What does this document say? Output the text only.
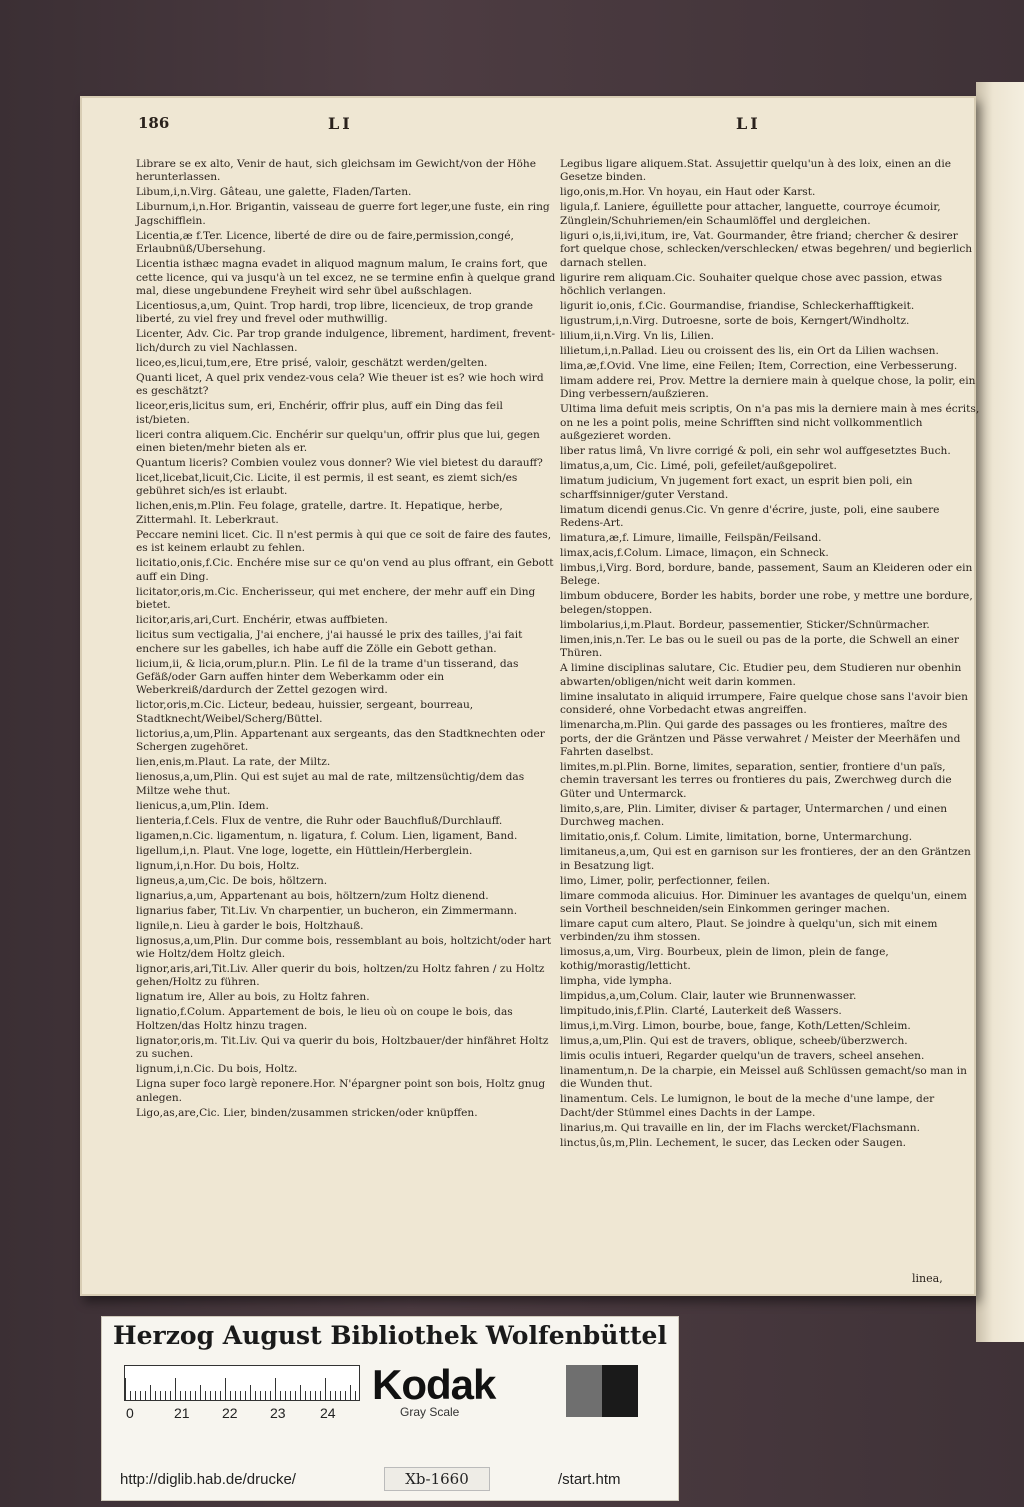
186	LI	LI
Librare se ex alto, Venir de haut, sich gleichsam im Gewicht/von der Höhe herunterlassen.
Libum,i,n.Virg. Gâteau, une galette, Fladen/Tarten.
Liburnum,i,n.Hor. Brigantin, vaisseau de guerre fort leger,une fuste, ein ring Jagschifflein.
Licentia,æ f.Ter. Licence, liberté de dire ou de faire,permission,congé, Erlaubnüß/Ubersehung.
Licentia isthæc magna evadet in aliquod magnum malum, Ie crains fort, que cette licence, qui va jusqu'à un tel excez, ne se termine enfin à quelque grand mal, diese ungebundene Freyheit wird sehr übel außschlagen.
Licentiosus,a,um, Quint. Trop hardi, trop libre, licencieux, de trop grande liberté, zu viel frey und frevel oder muthwillig.
Licenter, Adv. Cic. Par trop grande indulgence, librement, hardiment, frevent-lich/durch zu viel Nachlassen.
liceo,es,licui,tum,ere, Etre prisé, valoir, geschätzt werden/gelten.
Quanti licet, A quel prix vendez-vous cela? Wie theuer ist es? wie hoch wird es geschätzt?
liceor,eris,licitus sum, eri, Enchérir, offrir plus, auff ein Ding das feil ist/bieten.
liceri contra aliquem.Cic. Enchérir sur quelqu'un, offrir plus que lui, gegen einen bieten/mehr bieten als er.
Quantum liceris? Combien voulez vous donner? Wie viel bietest du darauff?
licet,licebat,licuit,Cic. Licite, il est permis, il est seant, es ziemt sich/es gebühret sich/es ist erlaubt.
lichen,enis,m.Plin. Feu folage, gratelle, dartre. It. Hepatique, herbe, Zittermahl. It. Leberkraut.
Peccare nemini licet. Cic. Il n'est permis à qui que ce soit de faire des fautes, es ist keinem erlaubt zu fehlen.
licitatio,onis,f.Cic. Enchére mise sur ce qu'on vend au plus offrant, ein Gebott auff ein Ding.
licitator,oris,m.Cic. Encherisseur, qui met enchere, der mehr auff ein Ding bietet.
licitor,aris,ari,Curt. Enchérir, etwas auffbieten.
licitus sum vectigalia, J'ai enchere, j'ai haussé le prix des tailles, j'ai fait enchere sur les gabelles, ich habe auff die Zölle ein Gebott gethan.
licium,ii, & licia,orum,plur.n. Plin. Le fil de la trame d'un tisserand, das Gefäß/oder Garn auffen hinter dem Weberkamm oder ein Weberkreiß/dardurch der Zettel gezogen wird.
lictor,oris,m.Cic. Licteur, bedeau, huissier, sergeant, bourreau, Stadtknecht/Weibel/Scherg/Büttel.
lictorius,a,um,Plin. Appartenant aux sergeants, das den Stadtknechten oder Schergen zugehöret.
lien,enis,m.Plaut. La rate, der Miltz.
lienosus,a,um,Plin. Qui est sujet au mal de rate, miltzensüchtig/dem das Miltze wehe thut.
lienicus,a,um,Plin. Idem.
lienteria,f.Cels. Flux de ventre, die Ruhr oder Bauchfluß/Durchlauff.
ligamen,n.Cic. ligamentum, n. ligatura, f. Colum. Lien, ligament, Band.
ligellum,i,n. Plaut. Vne loge, logette, ein Hüttlein/Herberglein.
lignum,i,n.Hor. Du bois, Holtz.
ligneus,a,um,Cic. De bois, höltzern.
lignarius,a,um, Appartenant au bois, höltzern/zum Holtz dienend.
lignarius faber, Tit.Liv. Vn charpentier, un bucheron, ein Zimmermann.
lignile,n. Lieu à garder le bois, Holtzhauß.
lignosus,a,um,Plin. Dur comme bois, ressemblant au bois, holtzicht/oder hart wie Holtz/dem Holtz gleich.
lignor,aris,ari,Tit.Liv. Aller querir du bois, holtzen/zu Holtz fahren / zu Holtz gehen/Holtz zu führen.
lignatum ire, Aller au bois, zu Holtz fahren.
lignatio,f.Colum. Appartement de bois, le lieu où on coupe le bois, das Holtzen/das Holtz hinzu tragen.
lignator,oris,m. Tit.Liv. Qui va querir du bois, Holtzbauer/der hinfähret Holtz zu suchen.
lignum,i,n.Cic. Du bois, Holtz.
Ligna super foco largè reponere.Hor. N'épargner point son bois, Holtz gnug anlegen.
Ligo,as,are,Cic. Lier, binden/zusammen stricken/oder knüpffen.
Legibus ligare aliquem.Stat. Assujettir quelqu'un à des loix, einen an die Gesetze binden.
ligo,onis,m.Hor. Vn hoyau, ein Haut oder Karst.
ligula,f. Laniere, éguillette pour attacher, languette, courroye écumoir, Zünglein/Schuhriemen/ein Schaumlöffel und dergleichen.
liguri o,is,ii,ivi,itum, ire, Vat. Gourmander, être friand; chercher & desirer fort quelque chose, schlecken/verschlecken/ etwas begehren/ und begierlich darnach stellen.
ligurire rem aliquam.Cic. Souhaiter quelque chose avec passion, etwas höchlich verlangen.
ligurit io,onis, f.Cic. Gourmandise, friandise, Schleckerhafftigkeit.
ligustrum,i,n.Virg. Dutroesne, sorte de bois, Kerngert/Windholtz.
lilium,ii,n.Virg. Vn lis, Lilien.
lilietum,i,n.Pallad. Lieu ou croissent des lis, ein Ort da Lilien wachsen.
lima,æ,f.Ovid. Vne lime, eine Feilen; Item, Correction, eine Verbesserung.
limam addere rei, Prov. Mettre la derniere main à quelque chose, la polir, ein Ding verbessern/außzieren.
Ultima lima defuit meis scriptis, On n'a pas mis la derniere main à mes écrits, on ne les a point polis, meine Schrifften sind nicht vollkommentlich außgezieret worden.
liber ratus limâ, Vn livre corrigé & poli, ein sehr wol auffgesetztes Buch.
limatus,a,um, Cic. Limé, poli, gefeilet/außgepoliret.
limatum judicium, Vn jugement fort exact, un esprit bien poli, ein scharffsinniger/guter Verstand.
limatum dicendi genus.Cic. Vn genre d'écrire, juste, poli, eine saubere Redens-Art.
limatura,æ,f. Limure, limaille, Feilspän/Feilsand.
limax,acis,f.Colum. Limace, limaçon, ein Schneck.
limbus,i,Virg. Bord, bordure, bande, passement, Saum an Kleideren oder ein Belege.
limbum obducere, Border les habits, border une robe, y mettre une bordure, belegen/stoppen.
limbolarius,i,m.Plaut. Bordeur, passementier, Sticker/Schnürmacher.
limen,inis,n.Ter. Le bas ou le sueil ou pas de la porte, die Schwell an einer Thüren.
A limine disciplinas salutare, Cic. Etudier peu, dem Studieren nur obenhin abwarten/obligen/nicht weit darin kommen.
limine insalutato in aliquid irrumpere, Faire quelque chose sans l'avoir bien consideré, ohne Vorbedacht etwas angreiffen.
limenarcha,m.Plin. Qui garde des passages ou les frontieres, maître des ports, der die Gräntzen und Pässe verwahret / Meister der Meerhäfen und Fahrten daselbst.
limites,m.pl.Plin. Borne, limites, separation, sentier, frontiere d'un païs, chemin traversant les terres ou frontieres du pais, Zwerchweg durch die Güter und Untermarck.
limito,s,are, Plin. Limiter, diviser & partager, Untermarchen / und einen Durchweg machen.
limitatio,onis,f. Colum. Limite, limitation, borne, Untermarchung.
limitaneus,a,um, Qui est en garnison sur les frontieres, der an den Gräntzen in Besatzung ligt.
limo, Limer, polir, perfectionner, feilen.
limare commoda alicuius. Hor. Diminuer les avantages de quelqu'un, einem sein Vortheil beschneiden/sein Einkommen geringer machen.
limare caput cum altero, Plaut. Se joindre à quelqu'un, sich mit einem verbinden/zu ihm stossen.
limosus,a,um, Virg. Bourbeux, plein de limon, plein de fange, kothig/morastig/letticht.
limpha, vide lympha.
limpidus,a,um,Colum. Clair, lauter wie Brunnenwasser.
limpitudo,inis,f.Plin. Clarté, Lauterkeit deß Wassers.
limus,i,m.Virg. Limon, bourbe, boue, fange, Koth/Letten/Schleim.
limus,a,um,Plin. Qui est de travers, oblique, scheeb/überzwerch.
limis oculis intueri, Regarder quelqu'un de travers, scheel ansehen.
linamentum,n. De la charpie, ein Meissel auß Schlüssen gemacht/so man in die Wunden thut.
linamentum. Cels. Le lumignon, le bout de la meche d'une lampe, der Dacht/der Stümmel eines Dachts in der Lampe.
linarius,m. Qui travaille en lin, der im Flachs wercket/Flachsmann.
linctus,ûs,m,Plin. Lechement, le sucer, das Lecken oder Saugen.
linea,
Herzog August Bibliothek Wolfenbüttel
0	21 22 23 24
Kodak
Gray Scale
http://diglib.hab.de/drucke/	Xb-1660	/start.htm
